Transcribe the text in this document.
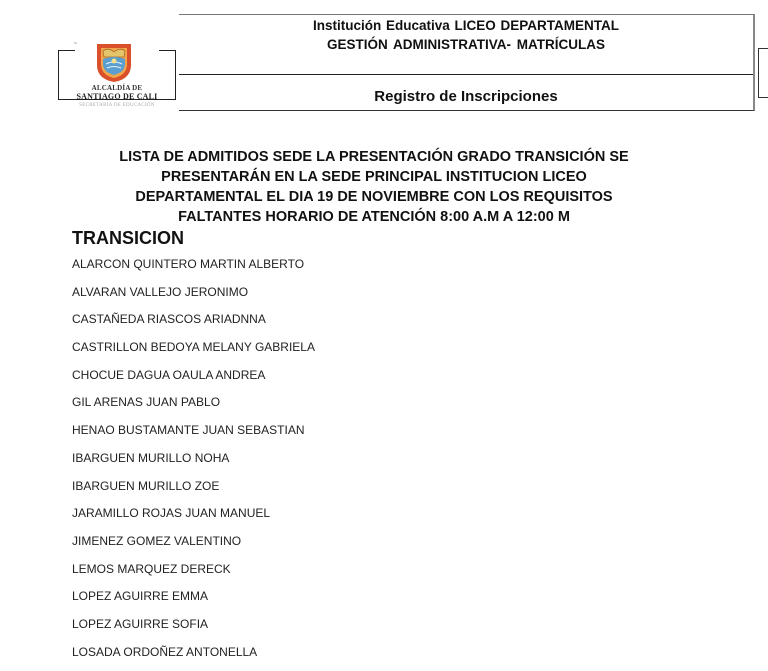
™
ALCALDÍA DE
SANTIAGO DE CALI
SECRETARÍA DE EDUCACIÓN
Institución Educativa LICEO DEPARTAMENTAL
GESTIÓN ADMINISTRATIVA- MATRÍCULAS
Registro de Inscripciones
LISTA DE ADMITIDOS SEDE LA PRESENTACIÓN GRADO TRANSICIÓN SE
PRESENTARÁN EN LA SEDE PRINCIPAL INSTITUCION LICEO
DEPARTAMENTAL EL DIA 19 DE NOVIEMBRE CON LOS REQUISITOS
FALTANTES HORARIO DE ATENCIÓN 8:00 A.M A 12:00 M
TRANSICION
ALARCON QUINTERO MARTIN ALBERTO
ALVARAN VALLEJO JERONIMO
CASTAÑEDA RIASCOS ARIADNNA
CASTRILLON BEDOYA MELANY GABRIELA
CHOCUE DAGUA OAULA ANDREA
GIL ARENAS JUAN PABLO
HENAO BUSTAMANTE JUAN SEBASTIAN
IBARGUEN MURILLO NOHA
IBARGUEN MURILLO ZOE
JARAMILLO ROJAS JUAN MANUEL
JIMENEZ GOMEZ VALENTINO
LEMOS MARQUEZ DERECK
LOPEZ AGUIRRE EMMA
LOPEZ AGUIRRE SOFIA
LOSADA ORDOÑEZ ANTONELLA
